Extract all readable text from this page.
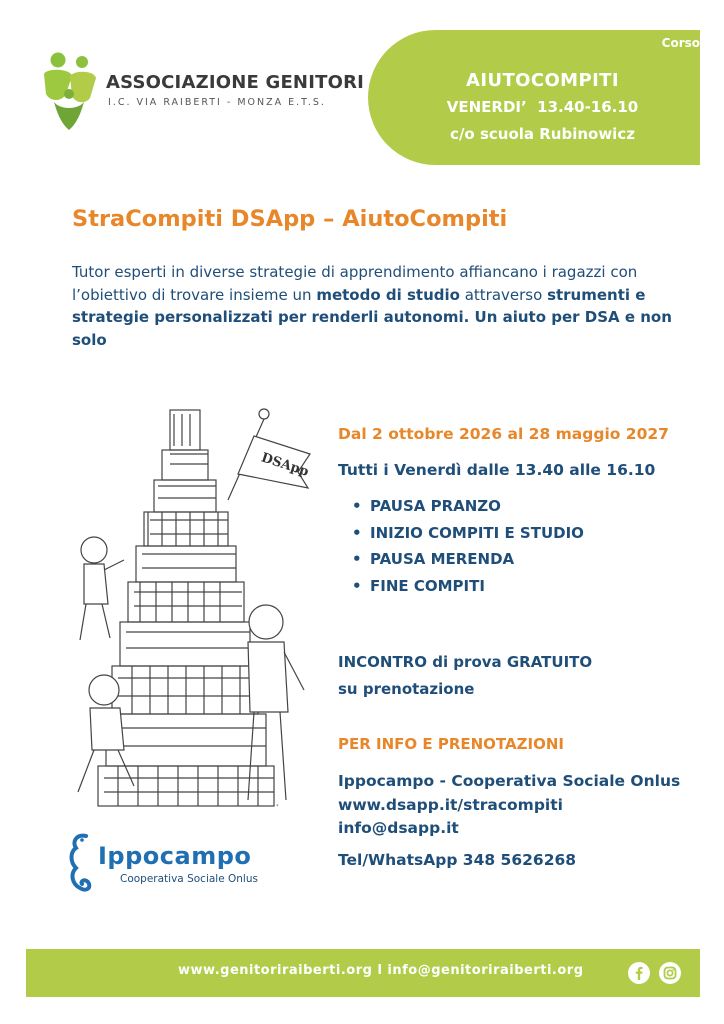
ASSOCIAZIONE GENITORI
I.C. VIA RAIBERTI - MONZA E.T.S.
Corso
AIUTOCOMPITI
VENERDI’  13.40-16.10
c/o scuola Rubinowicz
StraCompiti DSApp – AiutoCompiti
Tutor esperti in diverse strategie di apprendimento affiancano i ragazzi con l’obiettivo di trovare insieme un metodo di studio attraverso strumenti e strategie personalizzati per renderli autonomi. Un aiuto per DSA e non solo
DSApp
*
Dal 2 ottobre 2026 al 28 maggio 2027
Tutti i Venerdì dalle 13.40 alle 16.10
• PAUSA PRANZO
• INIZIO COMPITI E STUDIO
• PAUSA MERENDA
• FINE COMPITI
INCONTRO di prova GRATUITO
su prenotazione
PER INFO E PRENOTAZIONI
Ippocampo - Cooperativa Sociale Onlus
www.dsapp.it/stracompiti
info@dsapp.it
Tel/WhatsApp 348 5626268
Ippocampo
Cooperativa Sociale Onlus
www.genitoriraiberti.org l info@genitoriraiberti.org
